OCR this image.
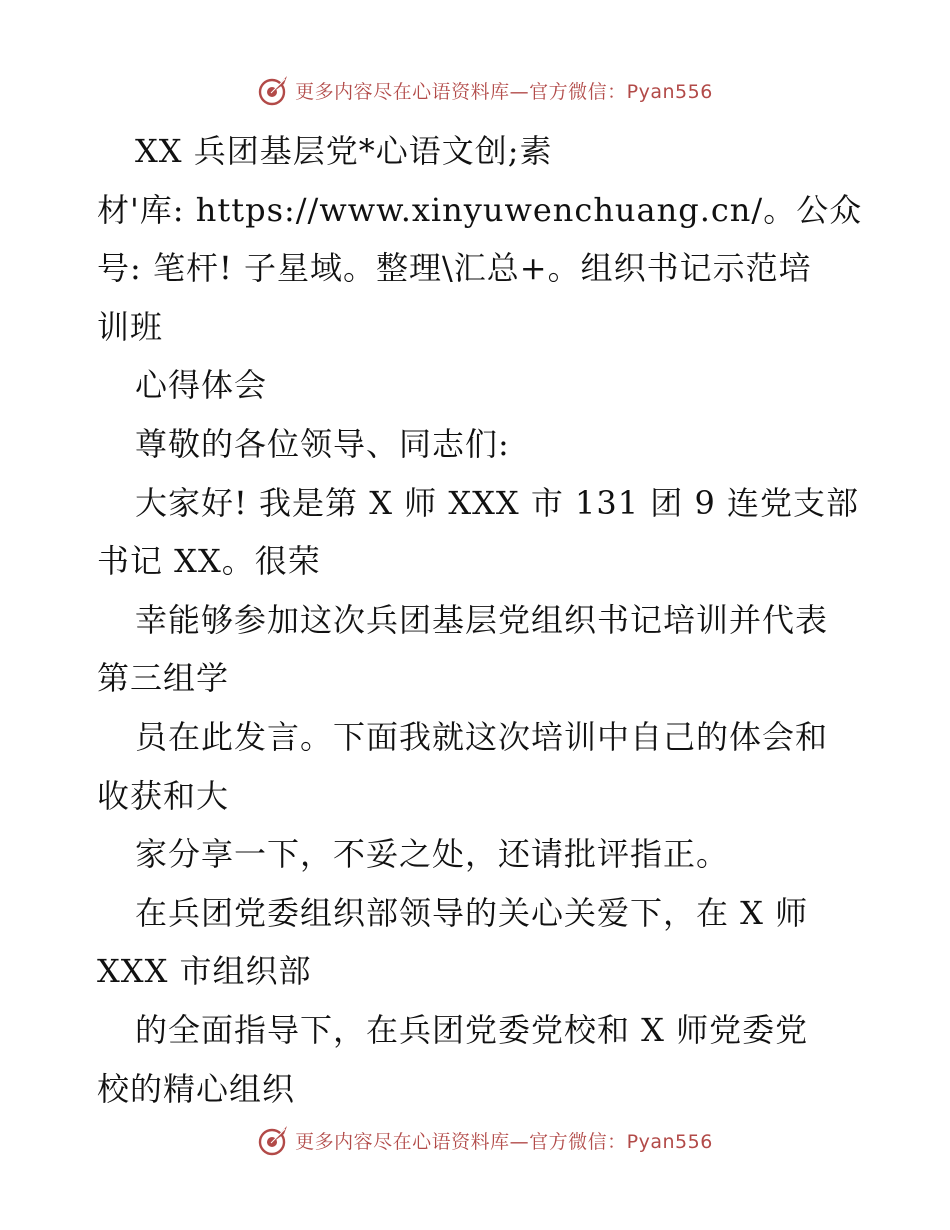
更多内容尽在心语资料库—官方微信：Pyan556
XX 兵团基层党*心语文创;素
材'库: https://www.xinyuwenchuang.cn/。公众
号: 笔杆! 子星域。整理\汇总+。组织书记示范培
训班
心得体会
尊敬的各位领导、同志们:
大家好! 我是第 X 师 XXX 市 131 团 9 连党支部
书记 XX。很荣
幸能够参加这次兵团基层党组织书记培训并代表
第三组学
员在此发言。下面我就这次培训中自己的体会和
收获和大
家分享一下，不妥之处，还请批评指正。
在兵团党委组织部领导的关心关爱下，在 X 师
XXX 市组织部
的全面指导下，在兵团党委党校和 X 师党委党
校的精心组织
更多内容尽在心语资料库—官方微信：Pyan556
